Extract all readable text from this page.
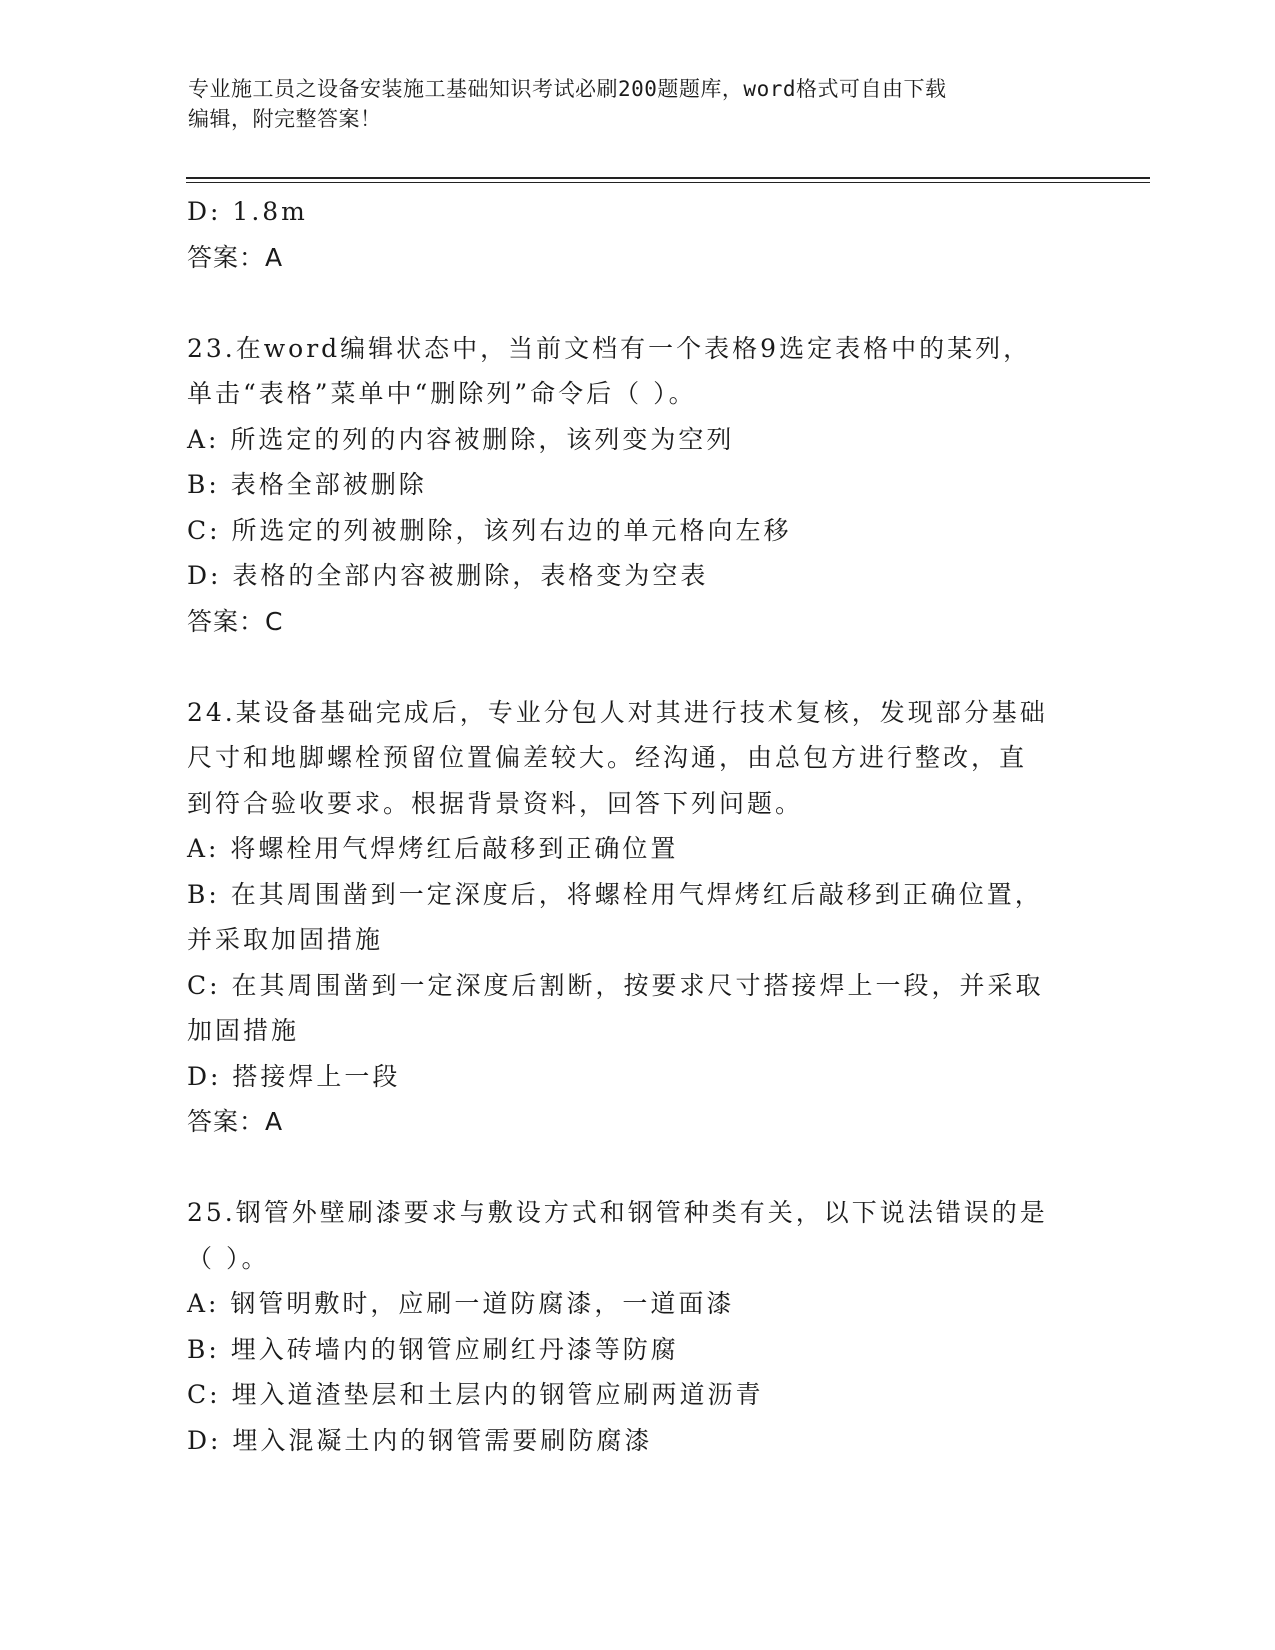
专业施工员之设备安装施工基础知识考试必刷200题题库，word格式可自由下载
编辑，附完整答案！
D: 1.8m
答案：A
23.在word编辑状态中，当前文档有一个表格9选定表格中的某列，
单击“表格”菜单中“删除列”命令后（ ）。
A: 所选定的列的内容被删除，该列变为空列
B: 表格全部被删除
C: 所选定的列被删除，该列右边的单元格向左移
D: 表格的全部内容被删除，表格变为空表
答案：C
24.某设备基础完成后，专业分包人对其进行技术复核，发现部分基础
尺寸和地脚螺栓预留位置偏差较大。经沟通，由总包方进行整改，直
到符合验收要求。根据背景资料，回答下列问题。
A: 将螺栓用气焊烤红后敲移到正确位置
B: 在其周围凿到一定深度后，将螺栓用气焊烤红后敲移到正确位置，
并采取加固措施
C: 在其周围凿到一定深度后割断，按要求尺寸搭接焊上一段，并采取
加固措施
D: 搭接焊上一段
答案：A
25.钢管外壁刷漆要求与敷设方式和钢管种类有关，以下说法错误的是
（ ）。
A: 钢管明敷时，应刷一道防腐漆，一道面漆
B: 埋入砖墙内的钢管应刷红丹漆等防腐
C: 埋入道渣垫层和土层内的钢管应刷两道沥青
D: 埋入混凝土内的钢管需要刷防腐漆
